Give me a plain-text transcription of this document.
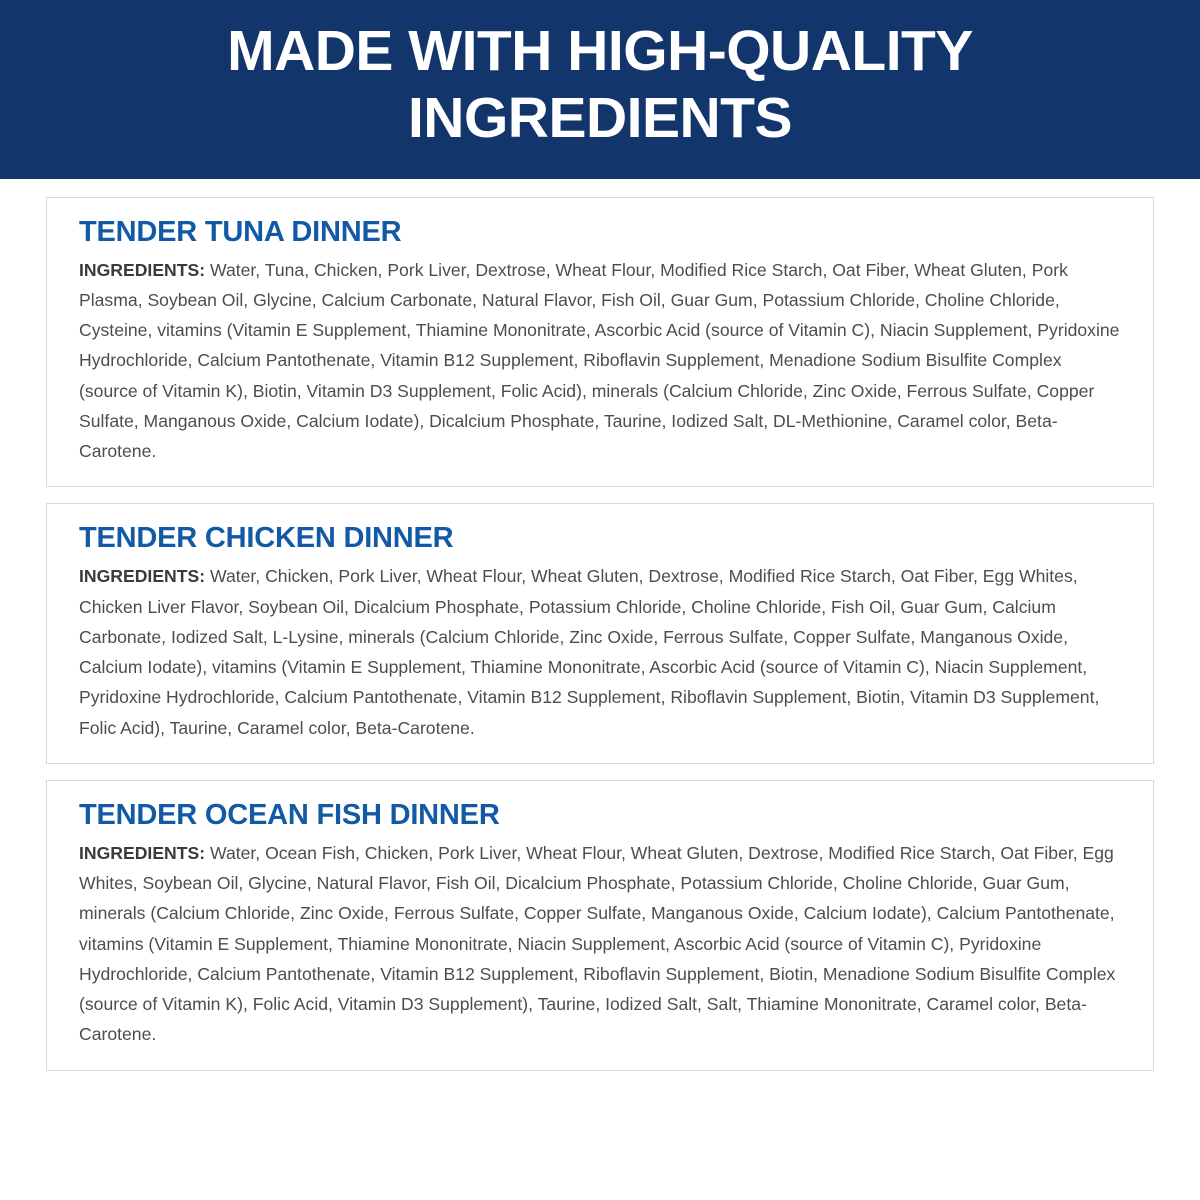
MADE WITH HIGH-QUALITY INGREDIENTS
TENDER TUNA DINNER

INGREDIENTS: Water, Tuna, Chicken, Pork Liver, Dextrose, Wheat Flour, Modified Rice Starch, Oat Fiber, Wheat Gluten, Pork Plasma, Soybean Oil, Glycine, Calcium Carbonate, Natural Flavor, Fish Oil, Guar Gum, Potassium Chloride, Choline Chloride, Cysteine, vitamins (Vitamin E Supplement, Thiamine Mononitrate, Ascorbic Acid (source of Vitamin C), Niacin Supplement, Pyridoxine Hydrochloride, Calcium Pantothenate, Vitamin B12 Supplement, Riboflavin Supplement, Menadione Sodium Bisulfite Complex (source of Vitamin K), Biotin, Vitamin D3 Supplement, Folic Acid), minerals (Calcium Chloride, Zinc Oxide, Ferrous Sulfate, Copper Sulfate, Manganous Oxide, Calcium Iodate), Dicalcium Phosphate, Taurine, Iodized Salt, DL-Methionine, Caramel color, Beta-Carotene.

TENDER CHICKEN DINNER

INGREDIENTS: Water, Chicken, Pork Liver, Wheat Flour, Wheat Gluten, Dextrose, Modified Rice Starch, Oat Fiber, Egg Whites, Chicken Liver Flavor, Soybean Oil, Dicalcium Phosphate, Potassium Chloride, Choline Chloride, Fish Oil, Guar Gum, Calcium Carbonate, Iodized Salt, L-Lysine, minerals (Calcium Chloride, Zinc Oxide, Ferrous Sulfate, Copper Sulfate, Manganous Oxide, Calcium Iodate), vitamins (Vitamin E Supplement, Thiamine Mononitrate, Ascorbic Acid (source of Vitamin C), Niacin Supplement, Pyridoxine Hydrochloride, Calcium Pantothenate, Vitamin B12 Supplement, Riboflavin Supplement, Biotin, Vitamin D3 Supplement, Folic Acid), Taurine, Caramel color, Beta-Carotene.

TENDER OCEAN FISH DINNER

INGREDIENTS: Water, Ocean Fish, Chicken, Pork Liver, Wheat Flour, Wheat Gluten, Dextrose, Modified Rice Starch, Oat Fiber, Egg Whites, Soybean Oil, Glycine, Natural Flavor, Fish Oil, Dicalcium Phosphate, Potassium Chloride, Choline Chloride, Guar Gum, minerals (Calcium Chloride, Zinc Oxide, Ferrous Sulfate, Copper Sulfate, Manganous Oxide, Calcium Iodate), Calcium Pantothenate, vitamins (Vitamin E Supplement, Thiamine Mononitrate, Niacin Supplement, Ascorbic Acid (source of Vitamin C), Pyridoxine Hydrochloride, Calcium Pantothenate, Vitamin B12 Supplement, Riboflavin Supplement, Biotin, Menadione Sodium Bisulfite Complex (source of Vitamin K), Folic Acid, Vitamin D3 Supplement), Taurine, Iodized Salt, Salt, Thiamine Mononitrate, Caramel color, Beta-Carotene.
